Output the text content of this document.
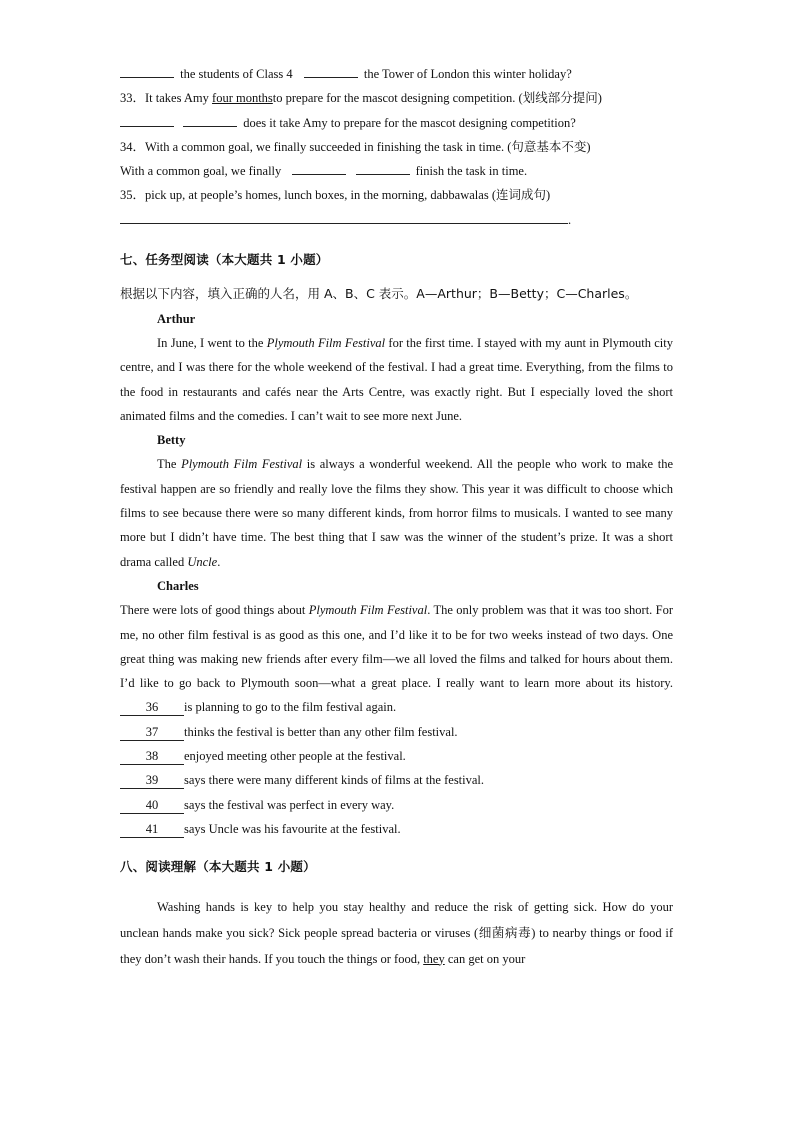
the students of Class 4	the Tower of London this winter holiday?
33．It takes Amy four monthsto prepare for the mascot designing competition. (划线部分提问)
does it take Amy to prepare for the mascot designing competition?
34．With a common goal, we finally succeeded in finishing the task in time. (句意基本不变)
With a common goal, we finally	finish the task in time.
35．pick up, at people’s homes, lunch boxes, in the morning, dabbawalas (连词成句)
.
七、任务型阅读（本大题共 1 小题）
根据以下内容，填入正确的人名，用 A、B、C 表示。A—Arthur；B—Betty；C—Charles。
Arthur
In June, I went to the Plymouth Film Festival for the first time. I stayed with my aunt in Plymouth city centre, and I was there for the whole weekend of the festival. I had a great time. Everything, from the films to the food in restaurants and cafés near the Arts Centre, was exactly right. But I especially loved the short animated films and the comedies. I can’t wait to see more next June.
Betty
The Plymouth Film Festival is always a wonderful weekend. All the people who work to make the festival happen are so friendly and really love the films they show. This year it was difficult to choose which films to see because there were so many different kinds, from horror films to musicals. I wanted to see many more but I didn’t have time. The best thing that I saw was the winner of the student’s prize. It was a short drama called Uncle.
Charles
There were lots of good things about Plymouth Film Festival. The only problem was that it was too short. For me, no other film festival is as good as this one, and I’d like it to be for two weeks instead of two days. One great thing was making new friends after every film—we all loved the films and talked for hours about them. I’d like to go back to Plymouth soon—what a great place. I really want to learn more about its history.36 is planning to go to the film festival again.
37 thinks the festival is better than any other film festival.
38 enjoyed meeting other people at the festival.
39 says there were many different kinds of films at the festival.
40 says the festival was perfect in every way.
41 says Uncle was his favourite at the festival.
八、阅读理解（本大题共 1 小题）
Washing hands is key to help you stay healthy and reduce the risk of getting sick. How do your unclean hands make you sick? Sick people spread bacteria or viruses (细菌病毒) to nearby things or food if they don’t wash their hands. If you touch the things or food, they can get on your
